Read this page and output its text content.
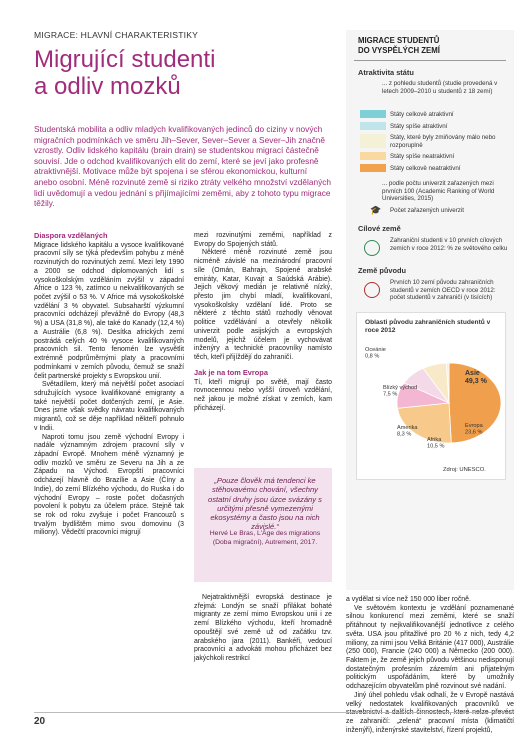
MIGRACE: HLAVNÍ CHARAKTERISTIKY
Migrující studenti
a odliv mozků
Studentská mobilita a odliv mladých kvalifikovaných jedinců do ciziny v nových migračních podmínkách ve směru Jih–Sever, Sever–Sever a Sever–Jih značně vzrostly. Odliv lidského kapitálu (brain drain) se studentskou migrací částečně souvisí. Jde o odchod kvalifikovaných elit do zemí, které se jeví jako profesně atraktivnější. Motivace může být spojena i se sférou ekonomickou, kulturní anebo osobní. Méně rozvinuté země si riziko ztráty velkého množství vzdělaných lidí uvědomují a vedou jednání s přijímajícími zeměmi, aby z tohoto typu migrace těžily.

Diaspora vzdělaných

Migrace lidského kapitálu a vysoce kvalifikované pracovní síly se týká především pohybu z méně rozvinutých do rozvinutých zemí. Mezi lety 1990 a 2000 se odchod diplomovaných lidí s vysokoškolským vzděláním zvýšil v západní Africe o 123 %, zatímco u nekvalifikovaných se počet zvýšil o 53 %. V Africe má vysokoškolské vzdělání 3 % obyvatel. Subsaharští výzkumní pracovníci odcházejí převážně do Evropy (48,3 %) a USA (31,8 %), ale také do Kanady (12,4 %) a Austrálie (6,8 %). Desítka afrických zemí postrádá celých 40 % vysoce kvalifikovaných pracovních sil. Tento fenomén lze vysvětlit extrémně podprůměrnými platy a pracovními podmínkami v zemích původu, čemuž se snaží čelit partnerské projekty s Evropskou unií.

Světadílem, který má největší počet asociací sdružujících vysoce kvalifikované emigranty a také největší počet dotčených zemí, je Asie. Dnes jsme však svědky návratu kvalifikovaných migrantů, což se děje například někteří pohnulo v Indii.

Naproti tomu jsou země východní Evropy i nadále významným zdrojem pracovní síly v západní Evropě. Mnohem méně významný je odliv mozků ve směru ze Severu na Jih a ze Západu na Východ. Evropští pracovníci odcházejí hlavně do Brazílie a Asie (Číny a Indie), do zemí Blízkého východu, do Ruska i do východní Evropy – roste počet dočasných povolení k pobytu za účelem práce. Stejně tak se rok od roku zvyšuje i počet Francouzů s trvalým bydlištěm mimo svou domovinu (3 miliony). Vědečtí pracovníci migrují

mezi rozvinutými zeměmi, například z Evropy do Spojených států.

Některé méně rozvinuté země jsou nicméně závislé na mezinárodní pracovní síle (Omán, Bahrajn, Spojené arabské emiráty, Katar, Kuvajt a Saúdská Arábie). Jejich věkový medián je relativně nízký, přesto jim chybí mladí, kvalifikovaní, vysokoškolsky vzdělaní lidé. Proto se některé z těchto států rozhodly věnovat politice vzdělávání a otevřely několik univerzit podle asijských a evropských modelů, jejichž účelem je vychovávat inženýry a technické pracovníky namísto těch, kteří přijíždějí do zahraničí.

Jak je na tom Evropa

Tí, kteří migrují po světě, mají často rovnocennou nebo vyšší úroveň vzdělání, než jakou je možné získat v zemích, kam přicházejí.

„Pouze člověk má tendenci ke stěhovavému chování, všechny ostatní druhy jsou úzce svázány s určitými přesně vymezenými ekosystémy a často jsou na nich závislé.“
Hervé Le Bras, L'Âge des migrations (Doba migrační), Autrement, 2017.

Nejatraktivnější evropská destinace je zřejmá: Londýn se snaží přilákat bohaté migranty ze zemí mimo Evropskou unii i ze zemí Blízkého východu, kteří hromadně opouštějí své země už od začátku tzv. arabského jara (2011). Bankéři, vedoucí pracovníci a advokáti mohou přicházet bez jakýchkoli restrikcí

a vydělat si více než 150 000 liber ročně.

Ve světovém kontextu je vzdělání poznamenané silnou konkurencí mezi zeměmi, které se snaží přitáhnout ty nejkvalifikovanější jednotlivce z celého světa. USA jsou přitažlivé pro 20 % z nich, tedy 4,2 miliony, za nimi jsou Velká Británie (417 000), Austrálie (250 000), Francie (240 000) a Německo (200 000). Faktem je, že země jejich původu většinou nedisponují dostatečným profesním zázemím ani přijatelným politickým uspořádáním, které by umožnily odchazejícím obyvatelům plně rozvinout své nadání.

Jiný úhel pohledu však odhalí, že v Evropě nastává velký nedostatek kvalifikovaných pracovníků ve ze zahraničí: „zelená“ pracovní místa (klimatičtí inženýři), inženýrské stavitelství, řízení projektů,

MIGRACE STUDENTŮ
DO VYSPĚLÝCH ZEMÍ
Atraktivita státu
... z pohledu studentů (studie provedená v letech 2009–2010 u studentů z 18 zemí)
Státy celkově atraktivní
Státy spíše atraktivní
Státy, které byly zmiňovány málo nebo rozporuplně
Státy spíše neatraktivní
Státy celkově neatraktivní
... podle počtu univerzit zařazených mezi prvních 100 (Academic Ranking of World Universities, 2015)
🎓 Počet zařazených univerzit
Cílové země
Zahraniční studenti v 10 prvních cílových zemích v roce 2012: % ze světového celku
Země původu
Prvních 10 zemí původu zahraničních studentů v zemích OECD v roce 2012: počet studentů v zahraničí (v tisících)
Oblasti původu zahraničních studentů v roce 2012
Asie
49,3 %
Evropa
23,6 %
Afrika
10,5 %
Amerika
8,3 %
Blízký východ
7,5 %
Oceánie
0,8 %
Zdroj: UNESCO.
20
